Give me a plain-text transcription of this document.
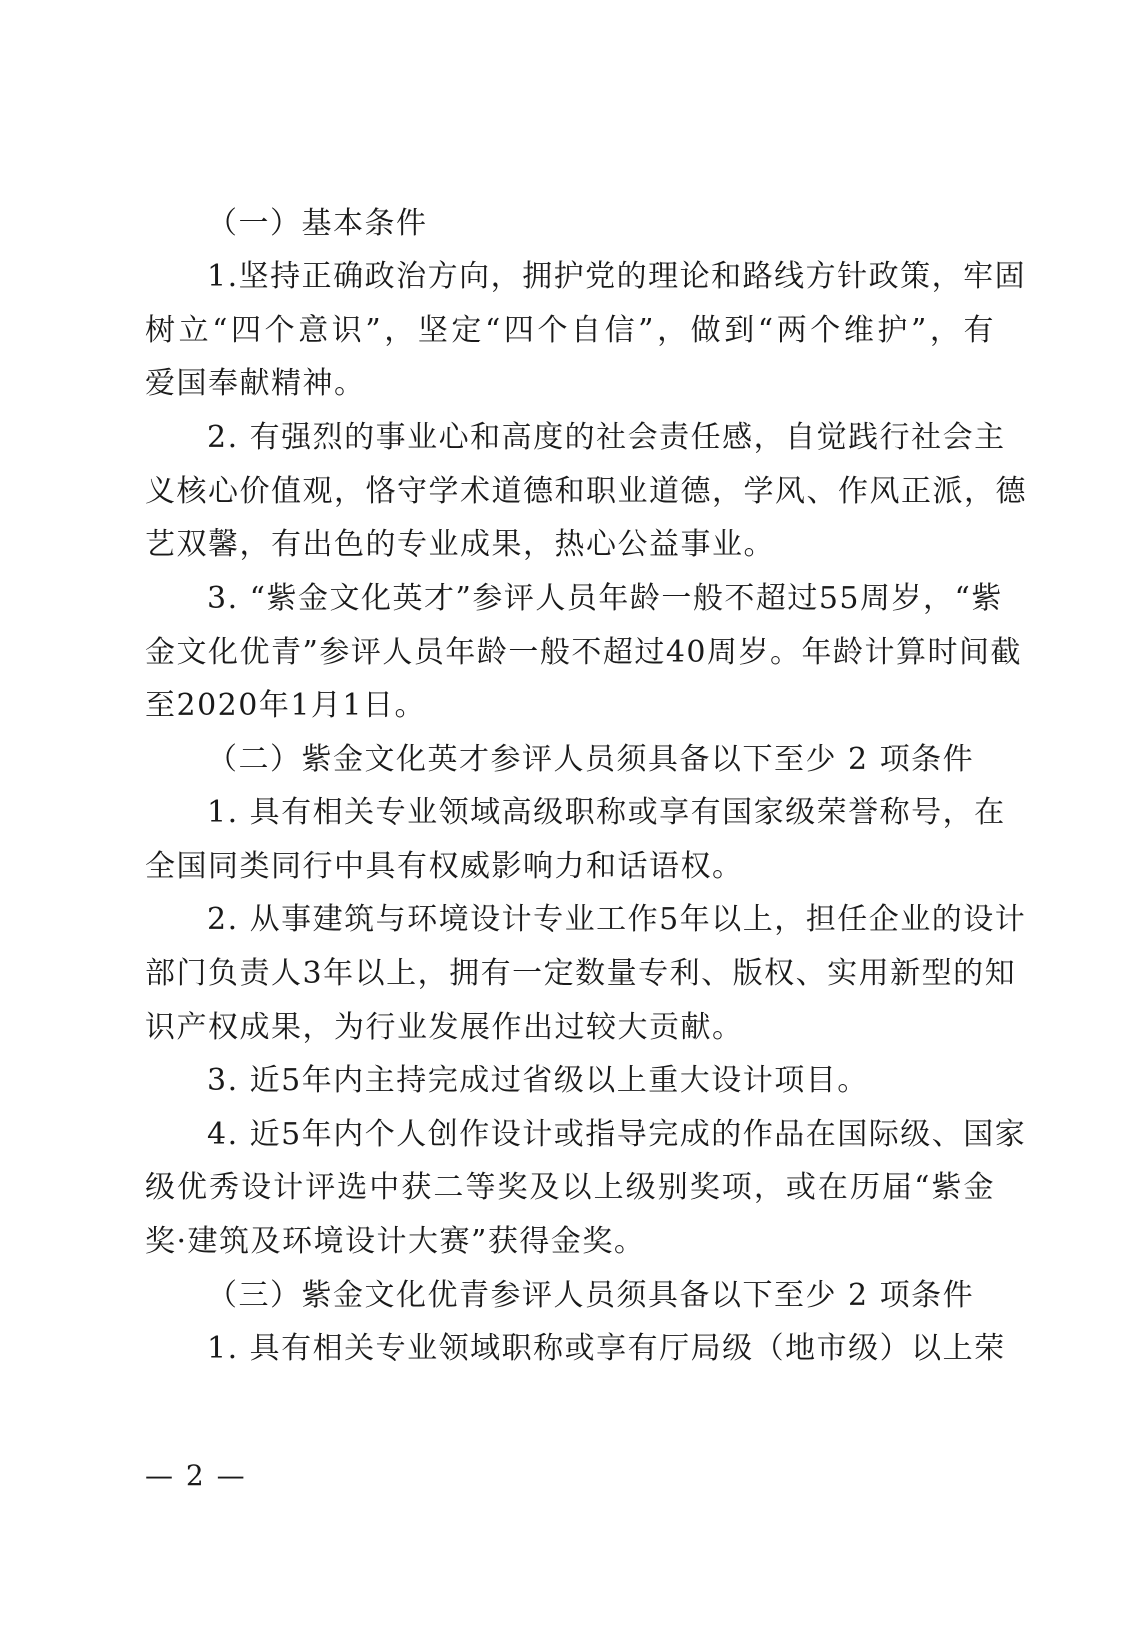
（一）基本条件
1.坚持正确政治方向，拥护党的理论和路线方针政策，牢固
树立“四个意识”，坚定“四个自信”，做到“两个维护”，有
爱国奉献精神。
2. 有强烈的事业心和高度的社会责任感，自觉践行社会主
义核心价值观，恪守学术道德和职业道德，学风、作风正派，德
艺双馨，有出色的专业成果，热心公益事业。
3. “紫金文化英才”参评人员年龄一般不超过55周岁，“紫
金文化优青”参评人员年龄一般不超过40周岁。年龄计算时间截
至2020年1月1日。
（二）紫金文化英才参评人员须具备以下至少 2 项条件
1. 具有相关专业领域高级职称或享有国家级荣誉称号，在
全国同类同行中具有权威影响力和话语权。
2. 从事建筑与环境设计专业工作5年以上，担任企业的设计
部门负责人3年以上，拥有一定数量专利、版权、实用新型的知
识产权成果，为行业发展作出过较大贡献。
3. 近5年内主持完成过省级以上重大设计项目。
4. 近5年内个人创作设计或指导完成的作品在国际级、国家
级优秀设计评选中获二等奖及以上级别奖项，或在历届“紫金
奖·建筑及环境设计大赛”获得金奖。
（三）紫金文化优青参评人员须具备以下至少 2 项条件
1. 具有相关专业领域职称或享有厅局级（地市级）以上荣
— 2 —
